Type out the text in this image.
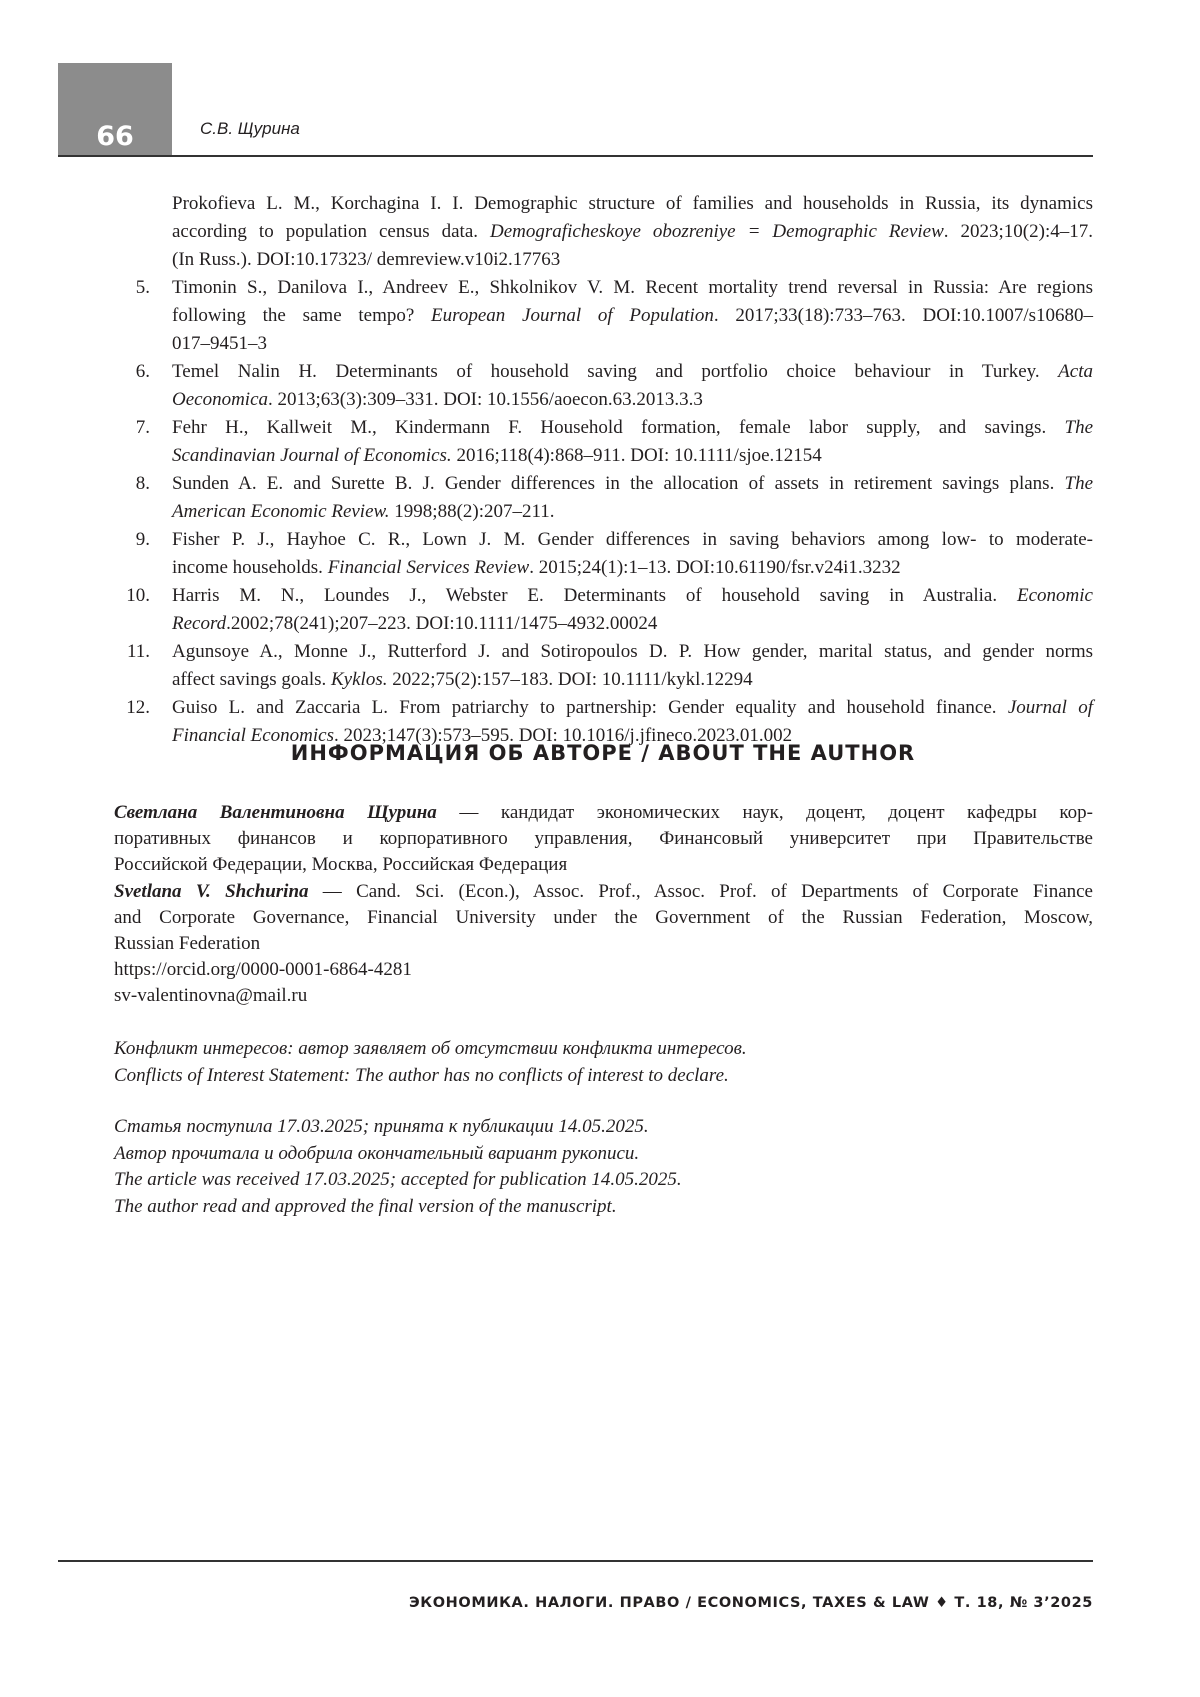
66	С.В. Щурина
Prokofieva L. M., Korchagina I. I. Demographic structure of families and households in Russia, its dynamics
according to population census data. Demograficheskoye obozreniye = Demographic Review. 2023;10(2):4–17.
(In Russ.). DOI:10.17323/ demreview.v10i2.17763
5. Timonin S., Danilova I., Andreev E., Shkolnikov V. M. Recent mortality trend reversal in Russia: Are regions
following the same tempo? European Journal of Population. 2017;33(18):733–763. DOI:10.1007/s10680–
017–9451–3
6. Temel Nalin H. Determinants of household saving and portfolio choice behaviour in Turkey. Acta
Oeconomica. 2013;63(3):309–331. DOI: 10.1556/aoecon.63.2013.3.3
7. Fehr H., Kallweit M., Kindermann F. Household formation, female labor supply, and savings. The
Scandinavian Journal of Economics. 2016;118(4):868–911. DOI: 10.1111/sjoe.12154
8. Sunden A. E. and Surette B. J. Gender differences in the allocation of assets in retirement savings plans. The
American Economic Review. 1998;88(2):207–211.
9. Fisher P. J., Hayhoe C. R., Lown J. M. Gender differences in saving behaviors among low- to moderate-
income households. Financial Services Review. 2015;24(1):1–13. DOI:10.61190/fsr.v24i1.3232
10. Harris M. N., Loundes J., Webster E. Determinants of household saving in Australia. Economic
Record.2002;78(241);207–223. DOI:10.1111/1475–4932.00024
11. Agunsoye A., Monne J., Rutterford J. and Sotiropoulos D. P. How gender, marital status, and gender norms
affect savings goals. Kyklos. 2022;75(2):157–183. DOI: 10.1111/kykl.12294
12. Guiso L. and Zaccaria L. From patriarchy to partnership: Gender equality and household finance. Journal of
Financial Economics. 2023;147(3):573–595. DOI: 10.1016/j.jfineco.2023.01.002
ИНФОРМАЦИЯ ОБ АВТОРЕ / ABOUT THE AUTHOR
Светлана Валентиновна Щурина — кандидат экономических наук, доцент, доцент кафедры кор-
поративных финансов и корпоративного управления, Финансовый университет при Правительстве
Российской Федерации, Москва, Российская Федерация
Svetlana V. Shchurina — Cand. Sci. (Econ.), Assoc. Prof., Assoc. Prof. of Departments of Corporate Finance
and Corporate Governance, Financial University under the Government of the Russian Federation, Moscow,
Russian Federation
https://orcid.org/0000-0001-6864-4281
sv-valentinovna@mail.ru
Конфликт интересов: автор заявляет об отсутствии конфликта интересов.
Conflicts of Interest Statement: The author has no conflicts of interest to declare.
Статья поступила 17.03.2025; принята к публикации 14.05.2025.
Автор прочитала и одобрила окончательный вариант рукописи.
The article was received 17.03.2025; accepted for publication 14.05.2025.
The author read and approved the final version of the manuscript.
ЭКОНОМИКА. НАЛОГИ. ПРАВО / ECONOMICS, TAXES & LAW ♦ Т. 18, № 3’2025
